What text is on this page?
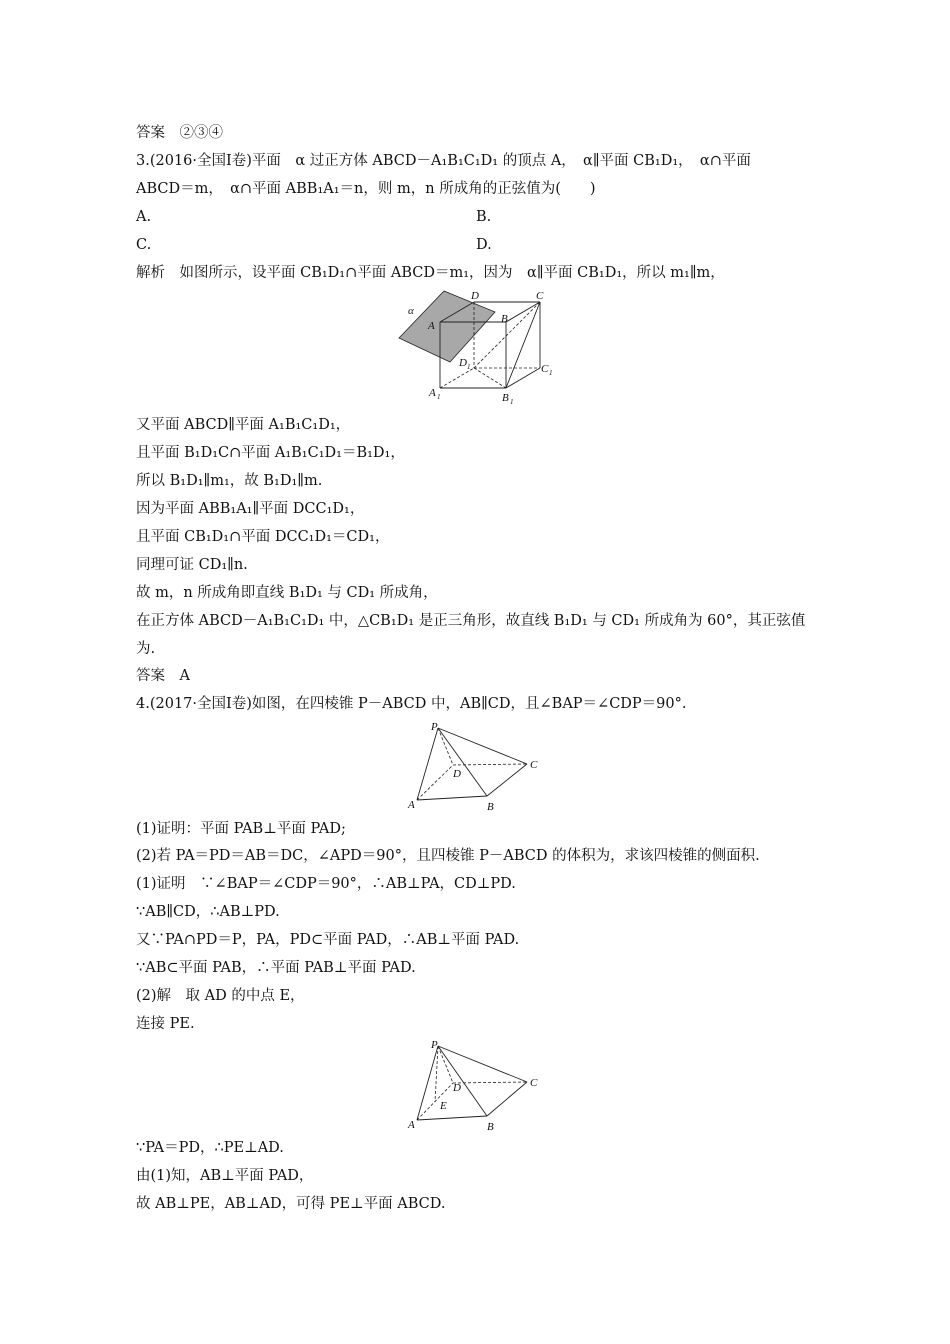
答案　②③④
3.(2016·全国Ⅰ卷)平面　α 过正方体 ABCD－A₁B₁C₁D₁ 的顶点 A，　α∥平面 CB₁D₁，　α∩平面
ABCD＝m，　α∩平面 ABB₁A₁＝n，则 m，n 所成角的正弦值为(　　)
A.	B.
C.	D.
解析　如图所示，设平面 CB₁D₁∩平面 ABCD＝m₁，因为　α∥平面 CB₁D₁，所以 m₁∥m，
α
A
D
B
C
D 1	C 1
A 1	B 1
又平面 ABCD∥平面 A₁B₁C₁D₁，
且平面 B₁D₁C∩平面 A₁B₁C₁D₁＝B₁D₁，
所以 B₁D₁∥m₁，故 B₁D₁∥m.
因为平面 ABB₁A₁∥平面 DCC₁D₁，
且平面 CB₁D₁∩平面 DCC₁D₁＝CD₁，
同理可证 CD₁∥n.
故 m，n 所成角即直线 B₁D₁ 与 CD₁ 所成角，
在正方体 ABCD－A₁B₁C₁D₁ 中，△CB₁D₁ 是正三角形，故直线 B₁D₁ 与 CD₁ 所成角为 60°，其正弦值
为.
答案　A
4.(2017·全国Ⅰ卷)如图，在四棱锥 P－ABCD 中，AB∥CD，且∠BAP＝∠CDP＝90°.
P
D
C
A	B
(1)证明：平面 PAB⊥平面 PAD;
(2)若 PA＝PD＝AB＝DC，∠APD＝90°，且四棱锥 P－ABCD 的体积为，求该四棱锥的侧面积.
(1)证明　∵∠BAP＝∠CDP＝90°，∴AB⊥PA，CD⊥PD.
∵AB∥CD，∴AB⊥PD.
又∵PA∩PD＝P，PA，PD⊂平面 PAD，∴AB⊥平面 PAD.
∵AB⊂平面 PAB，∴平面 PAB⊥平面 PAD.
(2)解　取 AD 的中点 E，
连接 PE.
P
D	C
E
A	B
∵PA＝PD，∴PE⊥AD.
由(1)知，AB⊥平面 PAD，
故 AB⊥PE，AB⊥AD，可得 PE⊥平面 ABCD.
